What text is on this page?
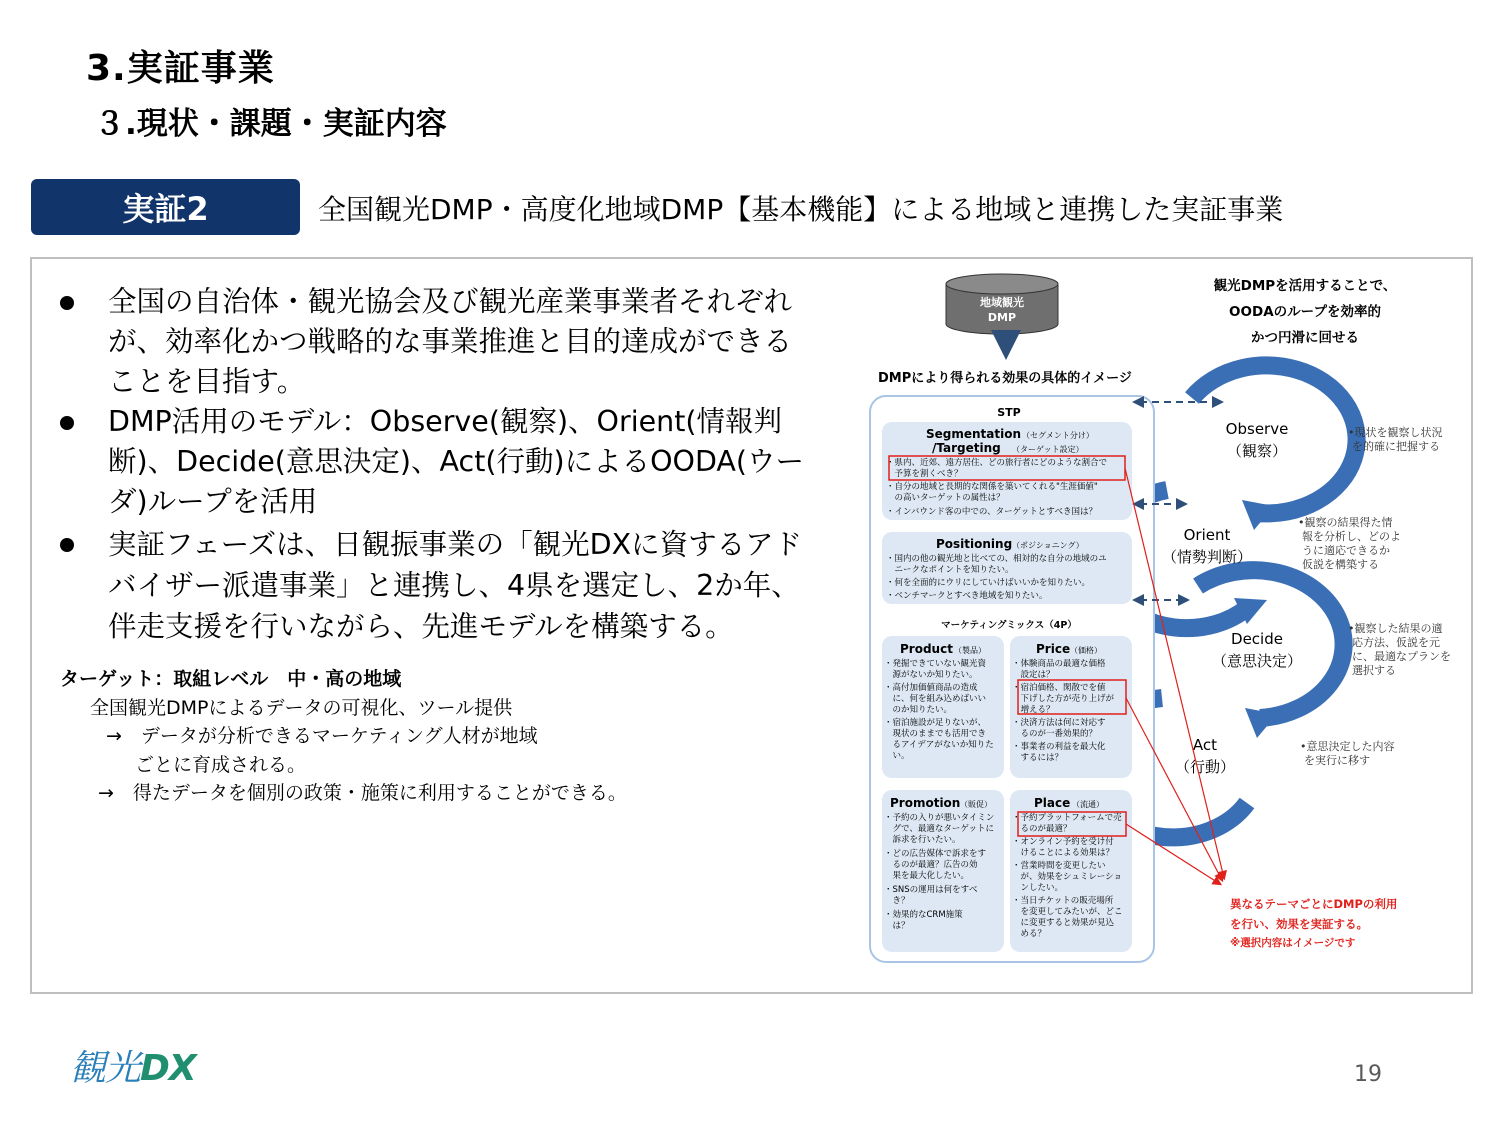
3.実証事業
３.現状・課題・実証内容
実証2	全国観光DMP・高度化地域DMP【基本機能】による地域と連携した実証事業
全国の自治体・観光協会及び観光産業事業者それぞれが、効率化かつ戦略的な事業推進と目的達成ができることを目指す。
DMP活用のモデル：Observe(観察)、Orient(情報判断)、Decide(意思決定)、Act(行動)によるOODA(ウーダ)ループを活用
実証フェーズは、日観振事業の「観光DXに資するアドバイザー派遣事業」と連携し、4県を選定し、2か年、伴走支援を行いながら、先進モデルを構築する。
ターゲット：取組レベル　中・高の地域
全国観光DMPによるデータの可視化、ツール提供
→　データが分析できるマーケティング人材が地域
ごとに育成される。
→　得たデータを個別の政策・施策に利用することができる。
地域観光
DMP
観光DMPを活用することで、
OODAのループを効率的
かつ円滑に回せる
DMPにより得られる効果の具体的イメージ
Observe
（観察）
Orient
（情勢判断）
Decide
（意思決定）
Act
（行動）
•現状を観察し状況
を的確に把握する
•観察の結果得た情
報を分析し、どのよ
うに適応できるか
仮説を構築する
•観察した結果の適
応方法、仮説を元
に、最適なプランを
選択する
•意思決定した内容
を実行に移す
STP
Segmentation （セグメント分け）
/Targeting （ターゲット設定）
・県内、近郊、遠方居住、どの旅行者にどのような割合で
　予算を割くべき？
・自分の地域と長期的な関係を築いてくれる"生涯価値"
　の高いターゲットの属性は？
・インバウンド客の中での、ターゲットとすべき国は？
Positioning （ポジショニング）
・国内の他の観光地と比べての、相対的な自分の地域のユ
　ニークなポイントを知りたい。
・何を全面的にウリにしていけばいいかを知りたい。
・ベンチマークとすべき地域を知りたい。
マーケティングミックス（4P）
Product （製品）
・発掘できていない観光資
　源がないか知りたい。
・高付加価値商品の造成
　に、何を組み込めばいい
　のか知りたい。
・宿泊施設が足りないが、
　現状のままでも活用でき
　るアイデアがないか知りた
　い。
Price （価格）
・体験商品の最適な価格
　設定は？
・宿泊価格、閑散でを値
　下げした方が売り上げが
　増える？
・決済方法は何に対応す
　るのが一番効果的？
・事業者の利益を最大化
　するには？
Promotion （販促）
・予約の入りが悪いタイミン
　グで、最適なターゲットに
　訴求を行いたい。
・どの広告媒体で訴求をす
　るのが最適？広告の効
　果を最大化したい。
・SNSの運用は何をすべ
　き？
・効果的なCRM施策
　は？
Place （流通）
・予約プラットフォームで売
　るのが最適？
・オンライン予約を受け付
　けることによる効果は？
・営業時間を変更したい
　が、効果をシュミレーショ
　ンしたい。
・当日チケットの販売場所
　を変更してみたいが、どこ
　に変更すると効果が見込
　める？
異なるテーマごとにDMPの利用
を行い、効果を実証する。
※選択内容はイメージです
観光DX	19
